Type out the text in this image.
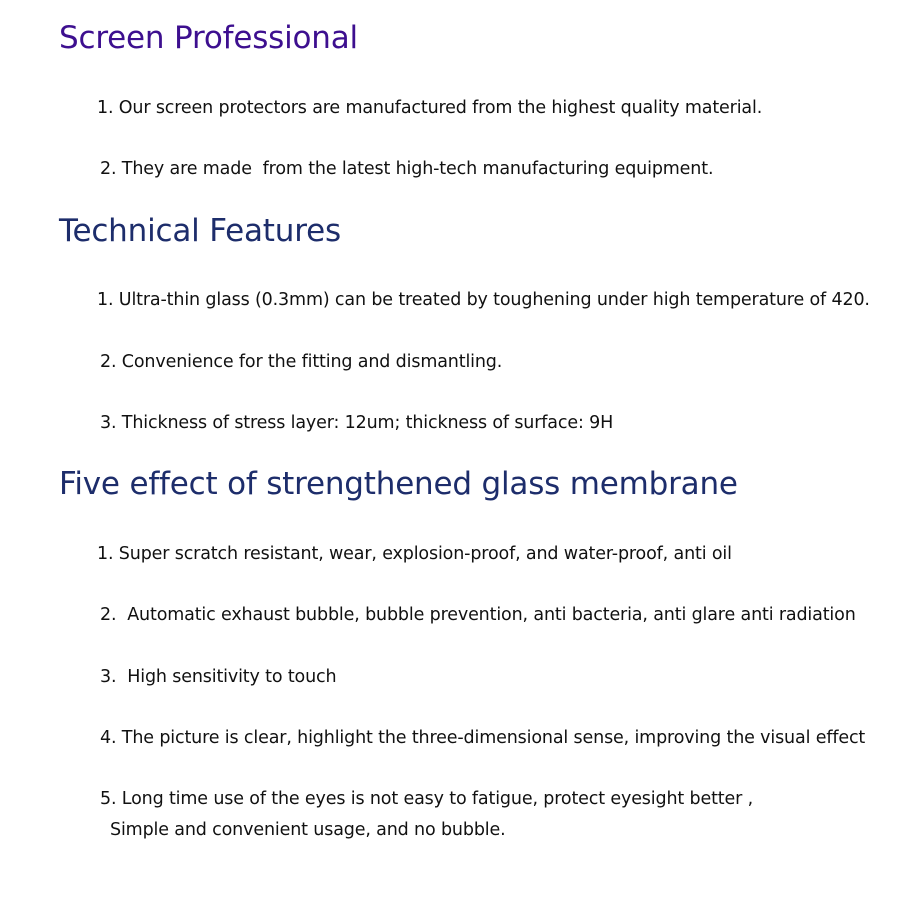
Screen Professional

1. Our screen protectors are manufactured from the highest quality material.

2. They are made  from the latest high-tech manufacturing equipment.

Technical Features

1. Ultra-thin glass (0.3mm) can be treated by toughening under high temperature of 420.

2. Convenience for the fitting and dismantling.

3. Thickness of stress layer: 12um; thickness of surface: 9H

Five effect of strengthened glass membrane

1. Super scratch resistant, wear, explosion-proof, and water-proof, anti oil

2.  Automatic exhaust bubble, bubble prevention, anti bacteria, anti glare anti radiation

3.  High sensitivity to touch

4. The picture is clear, highlight the three-dimensional sense, improving the visual effect

5. Long time use of the eyes is not easy to fatigue, protect eyesight better ,

Simple and convenient usage, and no bubble.
